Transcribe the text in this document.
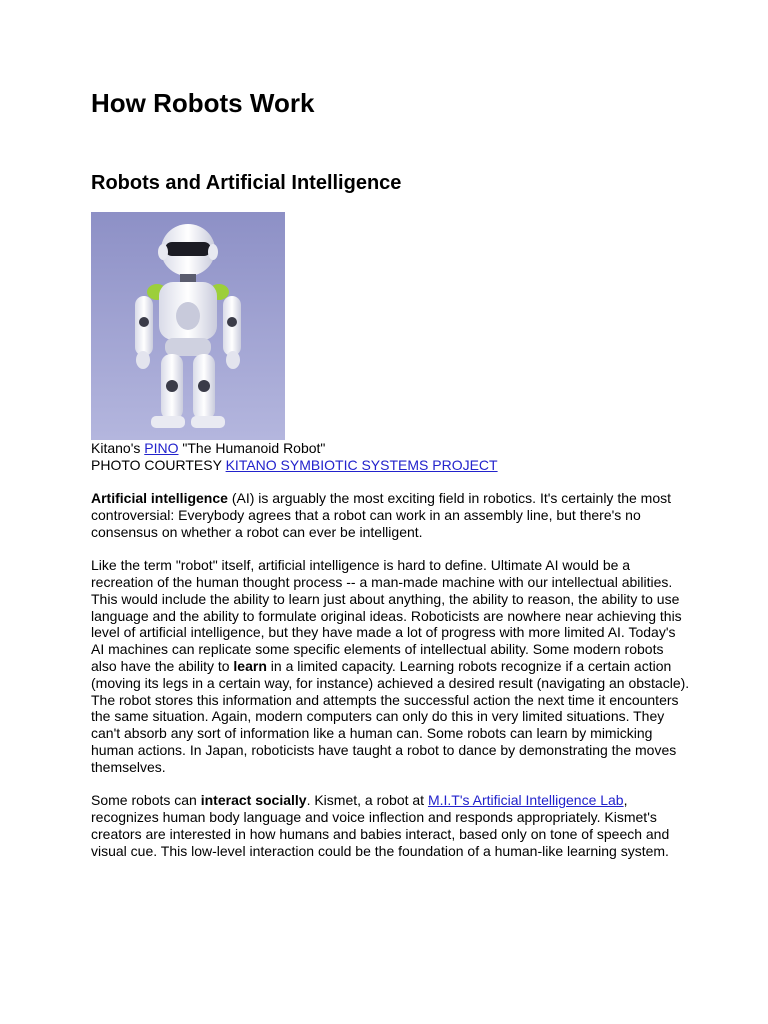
How Robots Work
Robots and Artificial Intelligence
Kitano's PINO "The Humanoid Robot"
PHOTO COURTESY KITANO SYMBIOTIC SYSTEMS PROJECT

Artificial intelligence (AI) is arguably the most exciting field in robotics. It's certainly the most controversial: Everybody agrees that a robot can work in an assembly line, but there's no consensus on whether a robot can ever be intelligent.

Like the term "robot" itself, artificial intelligence is hard to define. Ultimate AI would be a recreation of the human thought process -- a man-made machine with our intellectual abilities. This would include the ability to learn just about anything, the ability to reason, the ability to use language and the ability to formulate original ideas. Roboticists are nowhere near achieving this level of artificial intelligence, but they have made a lot of progress with more limited AI. Today's AI machines can replicate some specific elements of intellectual ability. Some modern robots also have the ability to learn in a limited capacity. Learning robots recognize if a certain action (moving its legs in a certain way, for instance) achieved a desired result (navigating an obstacle). The robot stores this information and attempts the successful action the next time it encounters the same situation. Again, modern computers can only do this in very limited situations. They can't absorb any sort of information like a human can. Some robots can learn by mimicking human actions. In Japan, roboticists have taught a robot to dance by demonstrating the moves themselves.

Some robots can interact socially. Kismet, a robot at M.I.T's Artificial Intelligence Lab, recognizes human body language and voice inflection and responds appropriately. Kismet's creators are interested in how humans and babies interact, based only on tone of speech and visual cue. This low-level interaction could be the foundation of a human-like learning system.
